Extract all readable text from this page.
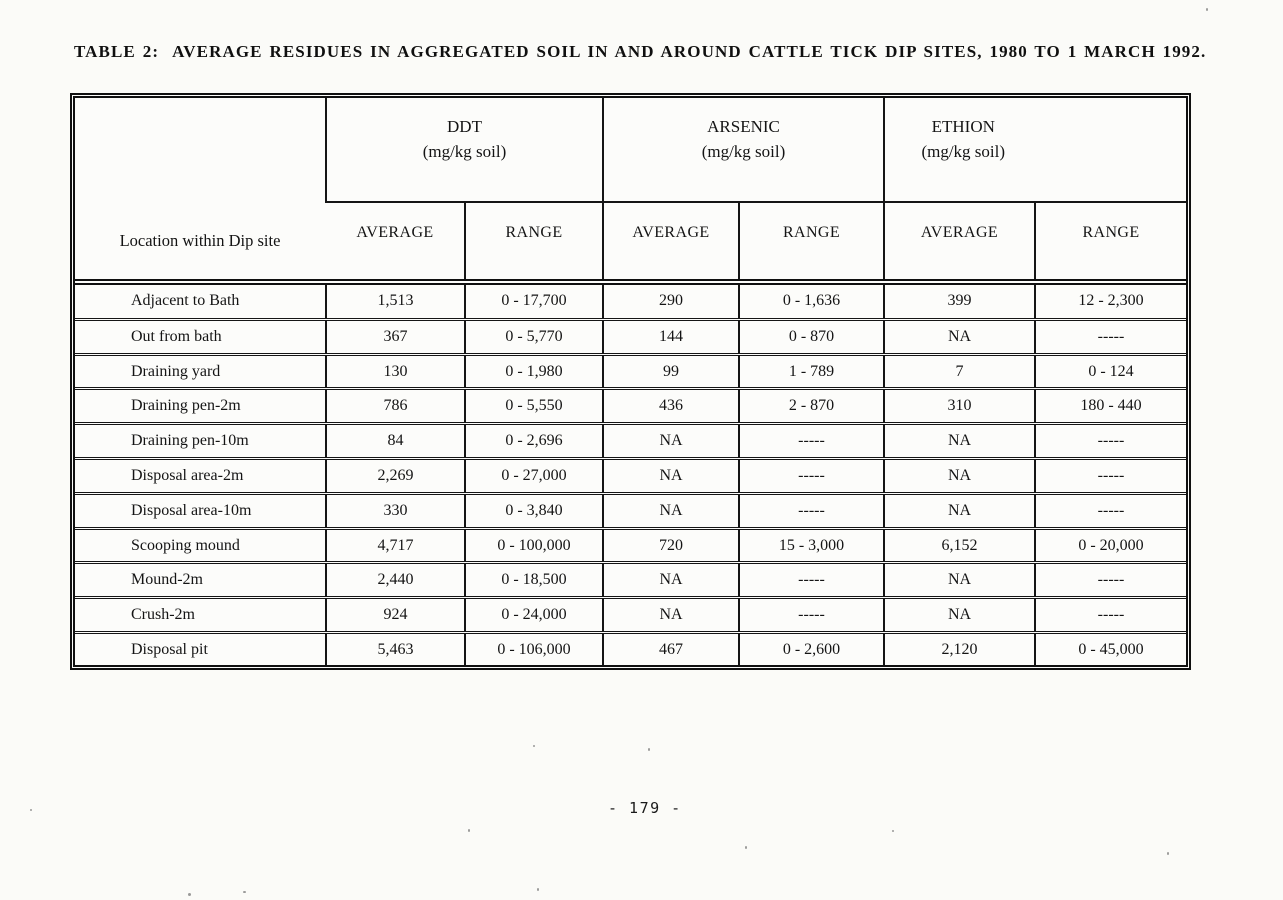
TABLE 2: AVERAGE RESIDUES IN AGGREGATED SOIL IN AND AROUND CATTLE TICK DIP SITES, 1980 TO 1 MARCH 1992.
Location within Dip site	
DDT
(mg/kg soil)

ARSENIC
(mg/kg soil)

ETHION
(mg/kg soil)

	AVERAGE	RANGE	AVERAGE	RANGE	AVERAGE	RANGE
Adjacent to Bath	1,513	0 - 17,700	290	0 - 1,636	399	12 - 2,300
Out from bath	367	0 - 5,770	144	0 - 870	NA	-----
Draining yard	130	0 - 1,980	99	1 - 789	7	0 - 124
Draining pen-2m	786	0 - 5,550	436	2 - 870	310	180 - 440
Draining pen-10m	84	0 - 2,696	NA	-----	NA	-----
Disposal area-2m	2,269	0 - 27,000	NA	-----	NA	-----
Disposal area-10m	330	0 - 3,840	NA	-----	NA	-----
Scooping mound	4,717	0 - 100,000	720	15 - 3,000	6,152	0 - 20,000
Mound-2m	2,440	0 - 18,500	NA	-----	NA	-----
Crush-2m	924	0 - 24,000	NA	-----	NA	-----
Disposal pit	5,463	0 - 106,000	467	0 - 2,600	2,120	0 - 45,000
- 179 -
